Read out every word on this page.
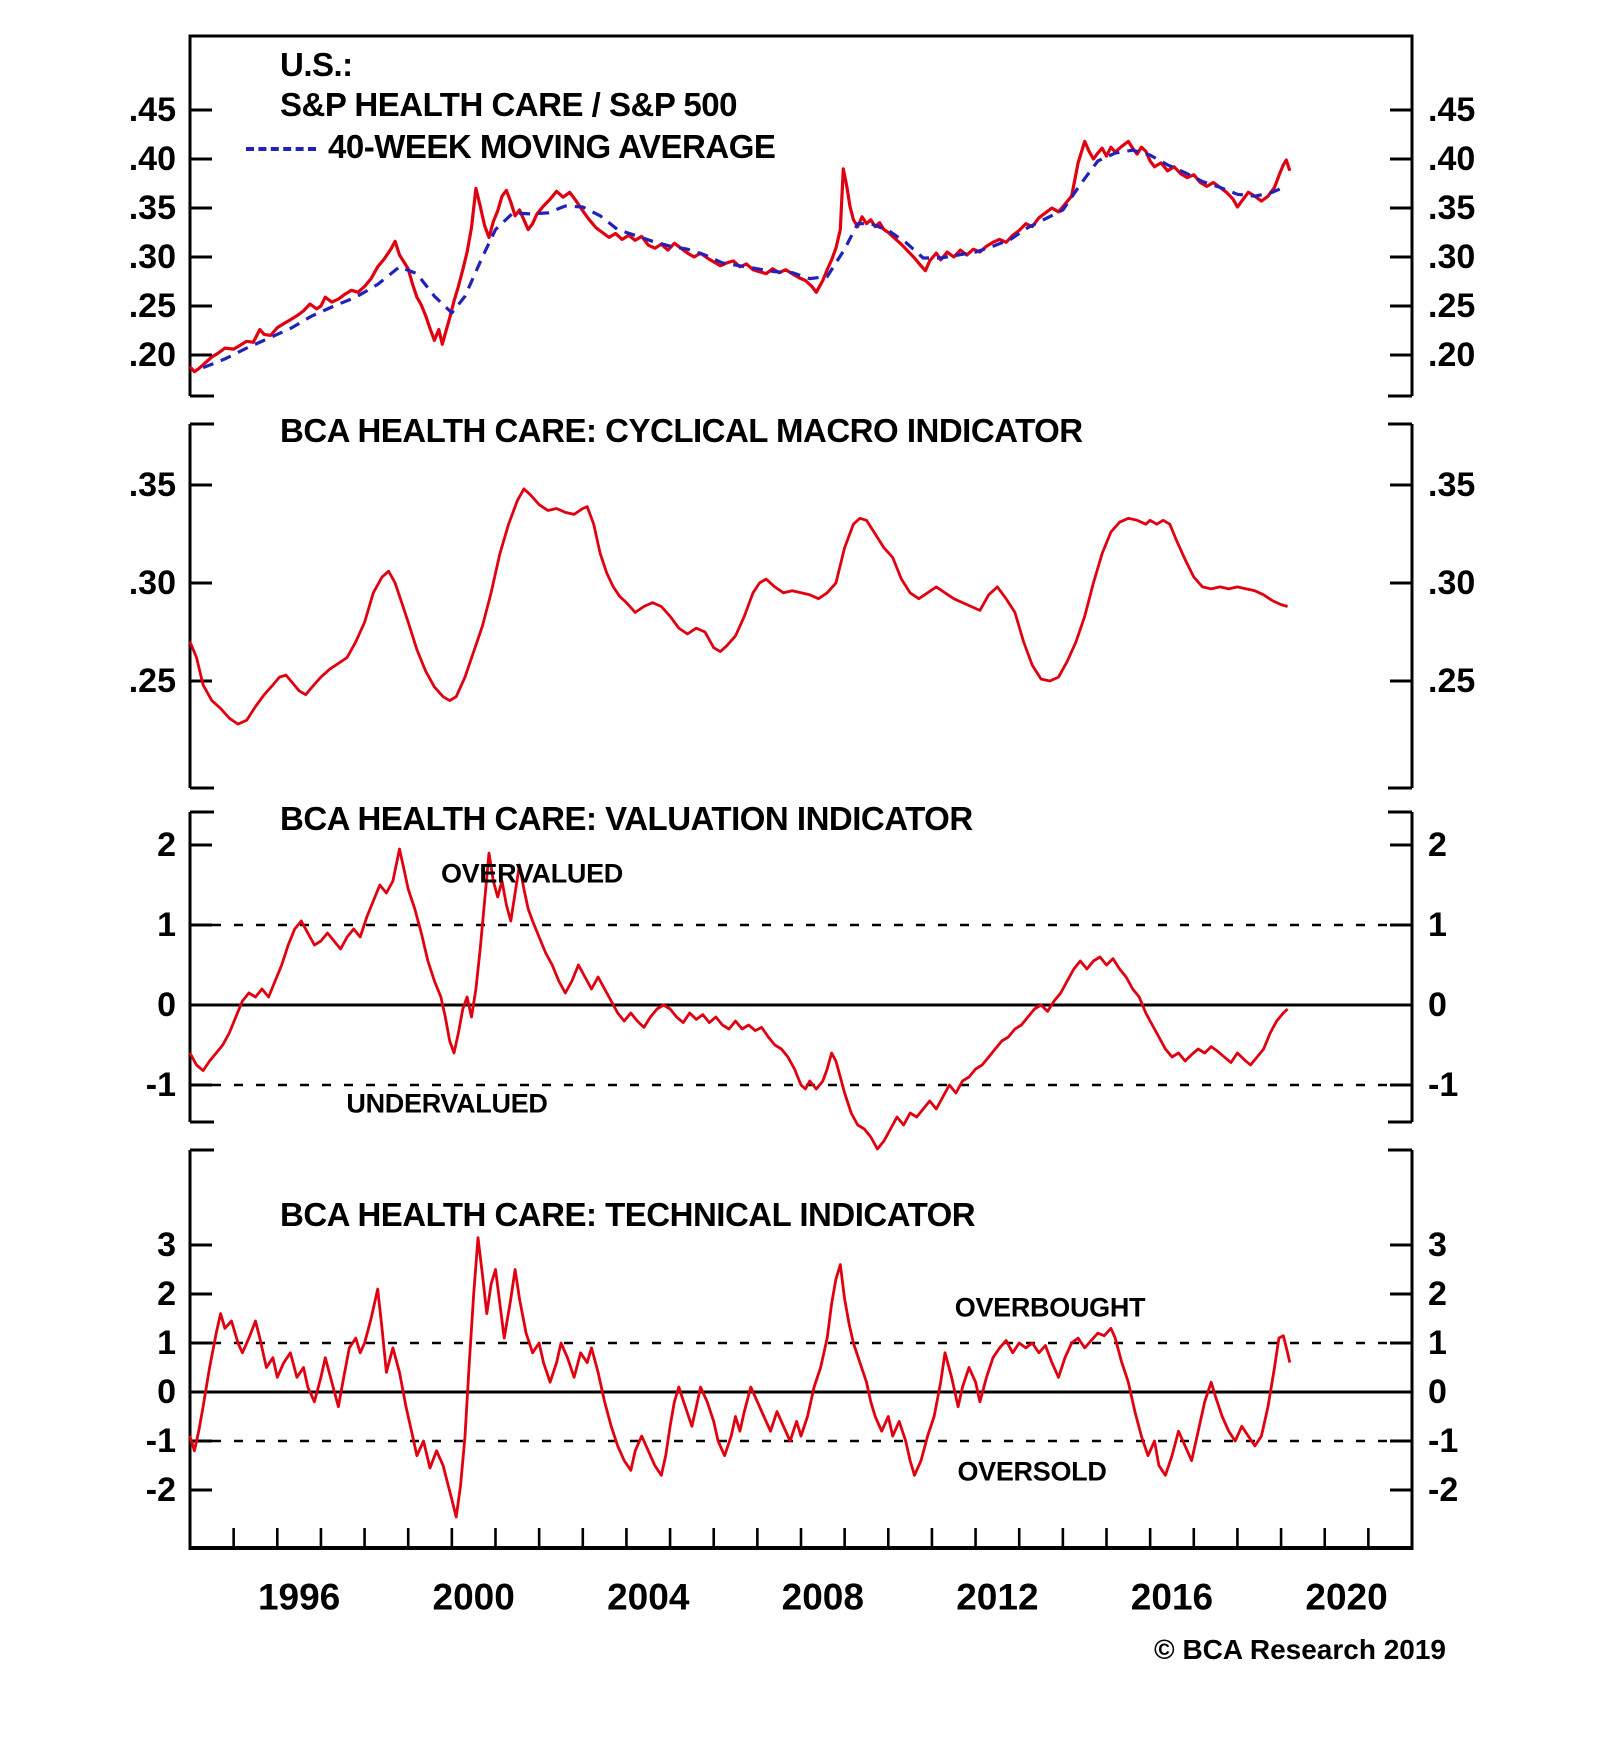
.45	.45
.40	.40
.35	.35
.30	.30
.25	.25
.20	.20
.35	.35
.30	.30
.25	.25
2	2
1	1
0	0
-1	-1
3	3
2	2
1	1
0	0
-1	-1
-2	-2
1996 2000 2004 2008 2012 2016 2020
U.S.:
S&P HEALTH CARE / S&P 500
40-WEEK MOVING AVERAGE
BCA HEALTH CARE: CYCLICAL MACRO INDICATOR
BCA HEALTH CARE: VALUATION INDICATOR
BCA HEALTH CARE: TECHNICAL INDICATOR
OVERVALUED
UNDERVALUED
OVERBOUGHT
OVERSOLD
© BCA Research 2019
